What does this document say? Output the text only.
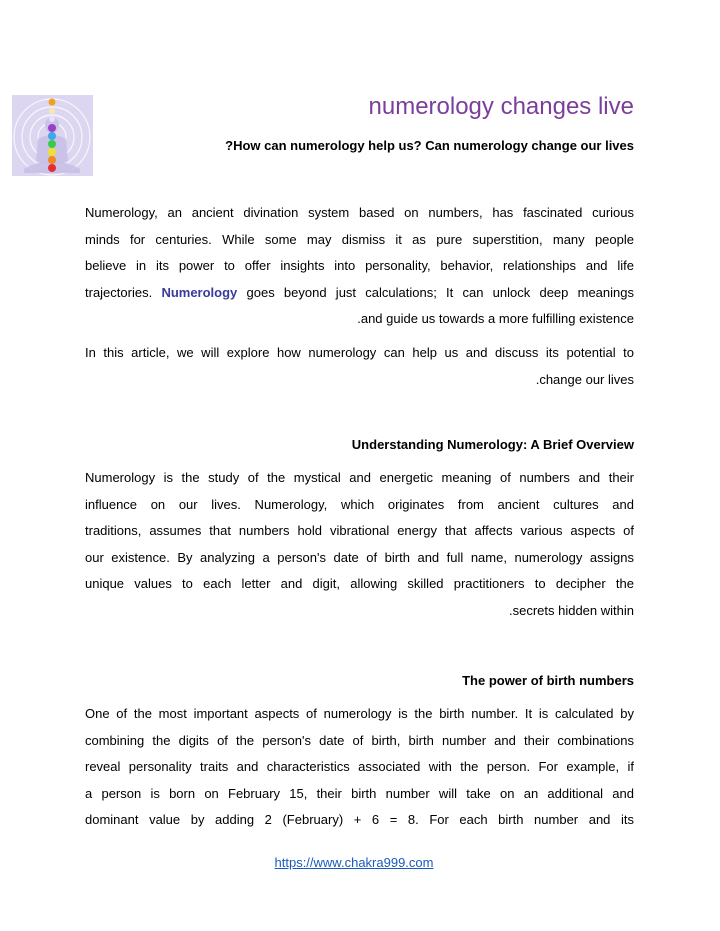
numerology changes live
?How can numerology help us? Can numerology change our lives
Numerology, an ancient divination system based on numbers, has fascinated curious
minds for centuries. While some may dismiss it as pure superstition, many people
believe in its power to offer insights into personality, behavior, relationships and life
trajectories. Numerology goes beyond just calculations; It can unlock deep meanings
.and guide us towards a more fulfilling existence
In this article, we will explore how numerology can help us and discuss its potential to
.change our lives
Understanding Numerology: A Brief Overview
Numerology is the study of the mystical and energetic meaning of numbers and their
influence on our lives. Numerology, which originates from ancient cultures and
traditions, assumes that numbers hold vibrational energy that affects various aspects of
our existence. By analyzing a person's date of birth and full name, numerology assigns
unique values to each letter and digit, allowing skilled practitioners to decipher the
.secrets hidden within
The power of birth numbers
One of the most important aspects of numerology is the birth number. It is calculated by
combining the digits of the person's date of birth, birth number and their combinations
reveal personality traits and characteristics associated with the person. For example, if
a person is born on February 15, their birth number will take on an additional and
dominant value by adding 2 (February) + 6 = 8. For each birth number and its
https://www.chakra999.com
